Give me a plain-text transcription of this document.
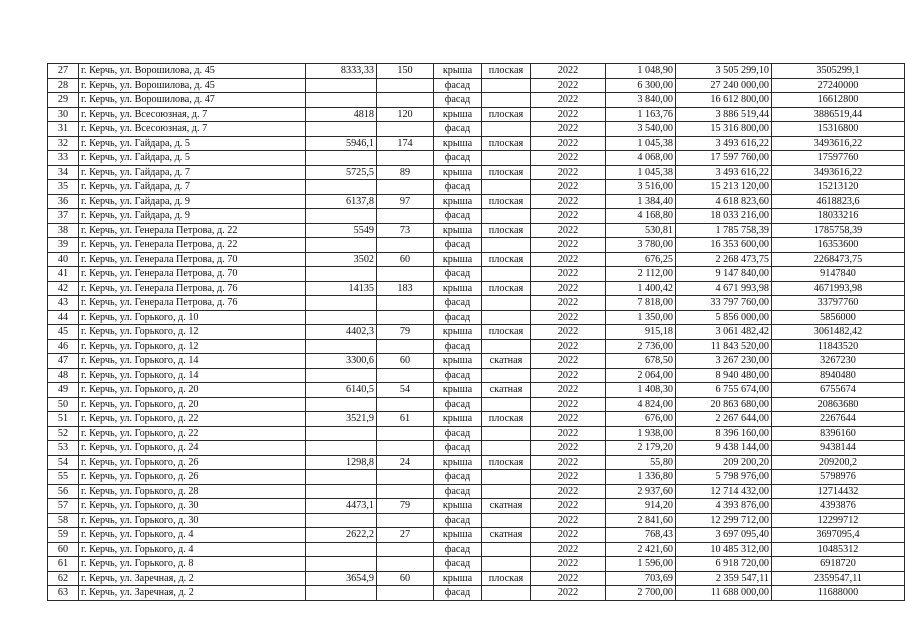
27	г. Керчь, ул. Ворошилова, д. 45	8333,33	150	крыша	плоская	2022	1 048,90	3 505 299,10	3505299,1
28	г. Керчь, ул. Ворошилова, д. 45			фасад		2022	6 300,00	27 240 000,00	27240000
29	г. Керчь, ул. Ворошилова, д. 47			фасад		2022	3 840,00	16 612 800,00	16612800
30	г. Керчь, ул. Всесоюзная, д. 7	4818	120	крыша	плоская	2022	1 163,76	3 886 519,44	3886519,44
31	г. Керчь, ул. Всесоюзная, д. 7			фасад		2022	3 540,00	15 316 800,00	15316800
32	г. Керчь, ул. Гайдара, д. 5	5946,1	174	крыша	плоская	2022	1 045,38	3 493 616,22	3493616,22
33	г. Керчь, ул. Гайдара, д. 5			фасад		2022	4 068,00	17 597 760,00	17597760
34	г. Керчь, ул. Гайдара, д. 7	5725,5	89	крыша	плоская	2022	1 045,38	3 493 616,22	3493616,22
35	г. Керчь, ул. Гайдара, д. 7			фасад		2022	3 516,00	15 213 120,00	15213120
36	г. Керчь, ул. Гайдара, д. 9	6137,8	97	крыша	плоская	2022	1 384,40	4 618 823,60	4618823,6
37	г. Керчь, ул. Гайдара, д. 9			фасад		2022	4 168,80	18 033 216,00	18033216
38	г. Керчь, ул. Генерала Петрова, д. 22	5549	73	крыша	плоская	2022	530,81	1 785 758,39	1785758,39
39	г. Керчь, ул. Генерала Петрова, д. 22			фасад		2022	3 780,00	16 353 600,00	16353600
40	г. Керчь, ул. Генерала Петрова, д. 70	3502	60	крыша	плоская	2022	676,25	2 268 473,75	2268473,75
41	г. Керчь, ул. Генерала Петрова, д. 70			фасад		2022	2 112,00	9 147 840,00	9147840
42	г. Керчь, ул. Генерала Петрова, д. 76	14135	183	крыша	плоская	2022	1 400,42	4 671 993,98	4671993,98
43	г. Керчь, ул. Генерала Петрова, д. 76			фасад		2022	7 818,00	33 797 760,00	33797760
44	г. Керчь, ул. Горького, д. 10			фасад		2022	1 350,00	5 856 000,00	5856000
45	г. Керчь, ул. Горького, д. 12	4402,3	79	крыша	плоская	2022	915,18	3 061 482,42	3061482,42
46	г. Керчь, ул. Горького, д. 12			фасад		2022	2 736,00	11 843 520,00	11843520
47	г. Керчь, ул. Горького, д. 14	3300,6	60	крыша	скатная	2022	678,50	3 267 230,00	3267230
48	г. Керчь, ул. Горького, д. 14			фасад		2022	2 064,00	8 940 480,00	8940480
49	г. Керчь, ул. Горького, д. 20	6140,5	54	крыша	скатная	2022	1 408,30	6 755 674,00	6755674
50	г. Керчь, ул. Горького, д. 20			фасад		2022	4 824,00	20 863 680,00	20863680
51	г. Керчь, ул. Горького, д. 22	3521,9	61	крыша	плоская	2022	676,00	2 267 644,00	2267644
52	г. Керчь, ул. Горького, д. 22			фасад		2022	1 938,00	8 396 160,00	8396160
53	г. Керчь, ул. Горького, д. 24			фасад		2022	2 179,20	9 438 144,00	9438144
54	г. Керчь, ул. Горького, д. 26	1298,8	24	крыша	плоская	2022	55,80	209 200,20	209200,2
55	г. Керчь, ул. Горького, д. 26			фасад		2022	1 336,80	5 798 976,00	5798976
56	г. Керчь, ул. Горького, д. 28			фасад		2022	2 937,60	12 714 432,00	12714432
57	г. Керчь, ул. Горького, д. 30	4473,1	79	крыша	скатная	2022	914,20	4 393 876,00	4393876
58	г. Керчь, ул. Горького, д. 30			фасад		2022	2 841,60	12 299 712,00	12299712
59	г. Керчь, ул. Горького, д. 4	2622,2	27	крыша	скатная	2022	768,43	3 697 095,40	3697095,4
60	г. Керчь, ул. Горького, д. 4			фасад		2022	2 421,60	10 485 312,00	10485312
61	г. Керчь, ул. Горького, д. 8			фасад		2022	1 596,00	6 918 720,00	6918720
62	г. Керчь, ул. Заречная, д. 2	3654,9	60	крыша	плоская	2022	703,69	2 359 547,11	2359547,11
63	г. Керчь, ул. Заречная, д. 2			фасад		2022	2 700,00	11 688 000,00	11688000
